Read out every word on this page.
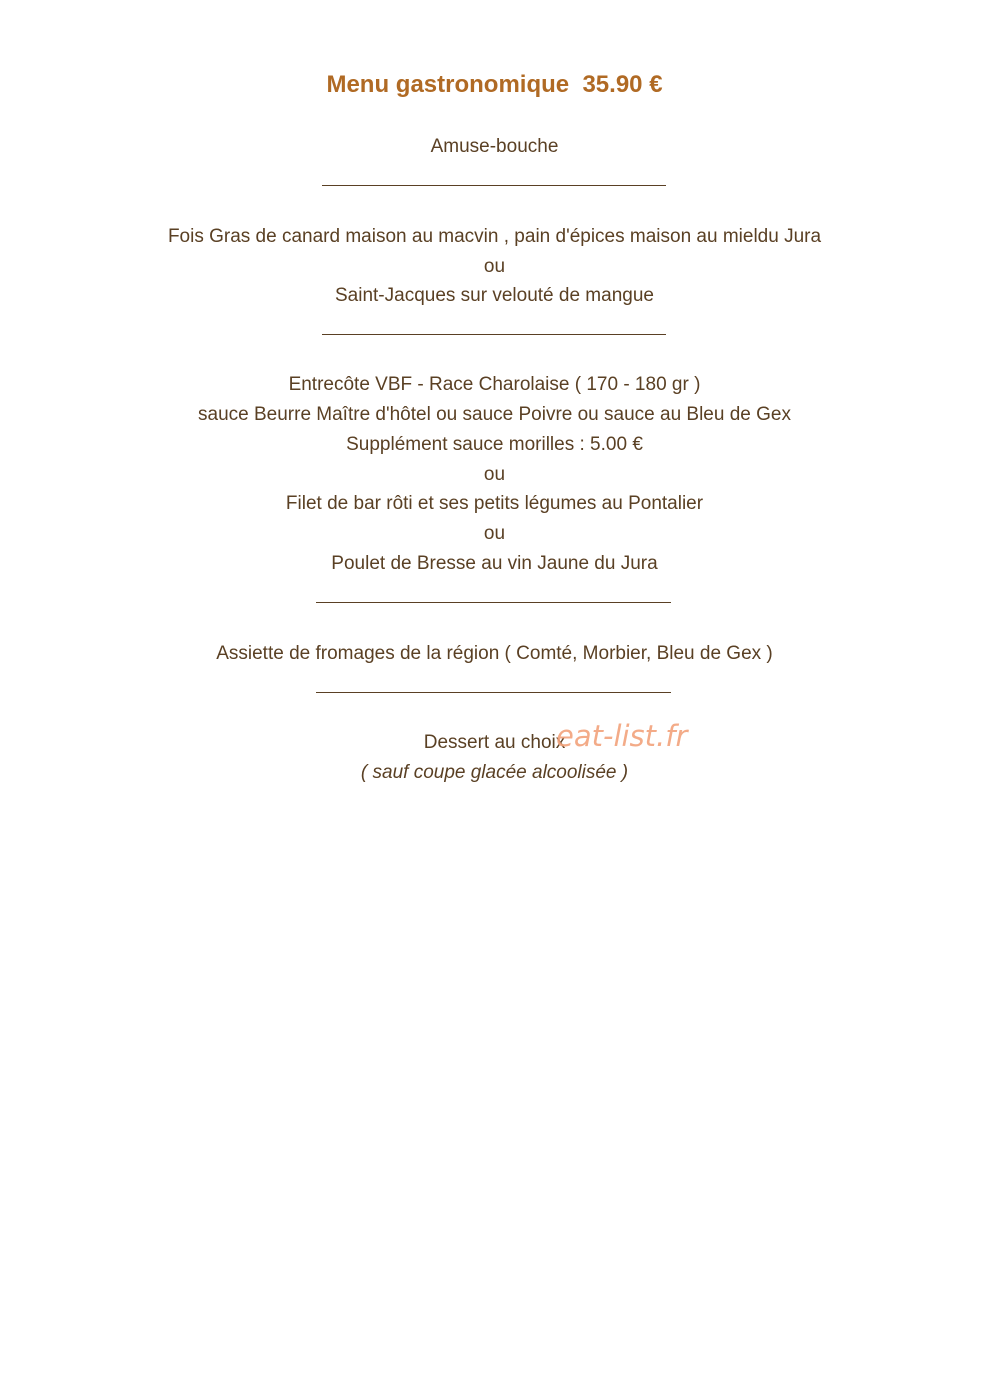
Menu gastronomique  35.90 €
Amuse-bouche
Fois Gras de canard maison au macvin , pain d'épices maison au mieldu Jura
ou
Saint-Jacques sur velouté de mangue
Entrecôte VBF - Race Charolaise ( 170 - 180 gr )
sauce Beurre Maître d'hôtel ou sauce Poivre ou sauce au Bleu de Gex
Supplément sauce morilles : 5.00 €
ou
Filet de bar rôti et ses petits légumes au Pontalier
ou
Poulet de Bresse au vin Jaune du Jura
Assiette de fromages de la région ( Comté, Morbier, Bleu de Gex )
Dessert au choix
( sauf coupe glacée alcoolisée )
eat-list.fr
